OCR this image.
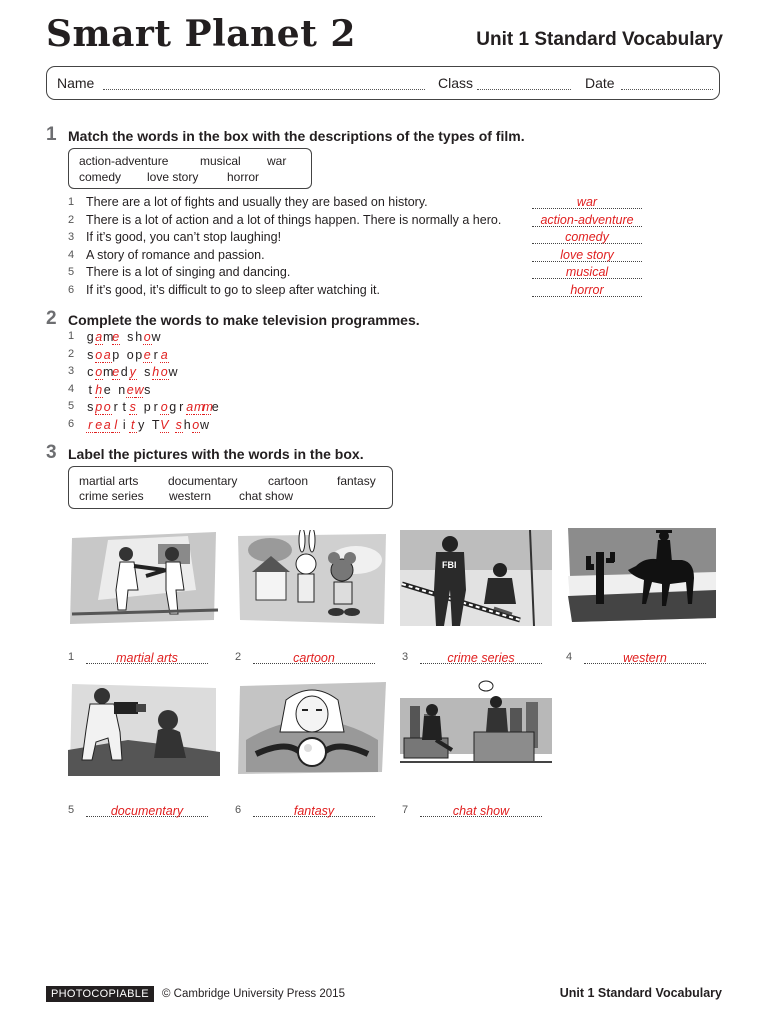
Smart Planet 2	Unit 1 Standard Vocabulary
Name	Class	Date
1 Match the words in the box with the descriptions of the types of film.
action-adventure	musical war
comedy love story horror
1 There are a lot of fights and usually they are based on history.	war
2 There is a lot of action and a lot of things happen. There is normally a hero.	action-adventure
3 If it’s good, you can’t stop laughing!	comedy
4 A story of romance and passion.	love story
5 There is a lot of singing and dancing.	musical
6 If it’s good, it’s difficult to go to sleep after watching it.	horror
2 Complete the words to make television programmes.
1 g ame s h ow
2 s o a p o p e r a
3 c ome d y s h ow
4 t h e n ews
5 s p o r t s p r o g r amme
6 r e a l i t y TV s h ow
3 Label the pictures with the words in the box.
martial arts documentary	cartoon fantasy
crime series western chat show
FBI
1	martial arts	2	cartoon	3	crime series	4	western
5	documentary	6	fantasy	7	chat show
PHOTOCOPIABLE	© Cambridge University Press 2015	Unit 1 Standard Vocabulary
